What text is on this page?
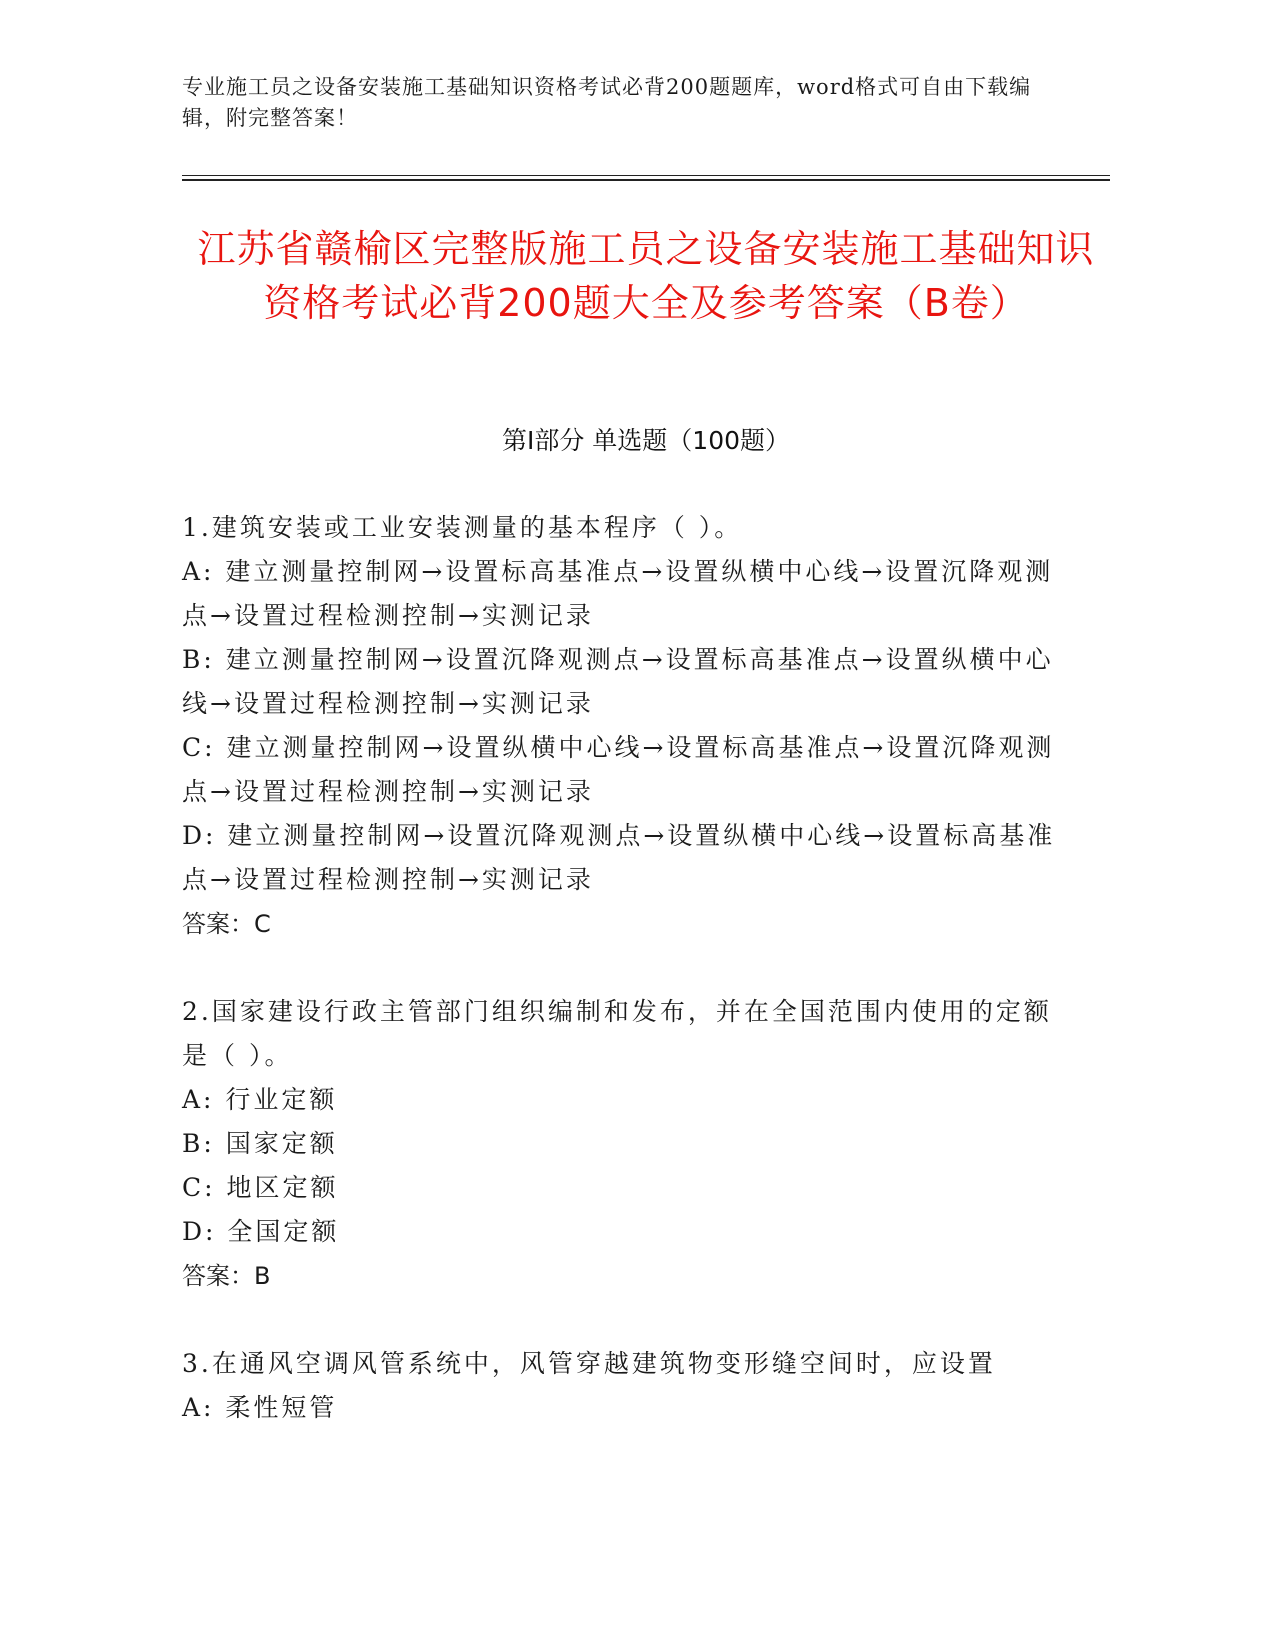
专业施工员之设备安装施工基础知识资格考试必背200题题库，word格式可自由下载编辑，附完整答案！
江苏省赣榆区完整版施工员之设备安装施工基础知识资格考试必背200题大全及参考答案（B卷）
第Ⅰ部分 单选题（100题）
1.建筑安装或工业安装测量的基本程序（ ）。
A: 建立测量控制网→设置标高基准点→设置纵横中心线→设置沉降观测点→设置过程检测控制→实测记录
B: 建立测量控制网→设置沉降观测点→设置标高基准点→设置纵横中心线→设置过程检测控制→实测记录
C: 建立测量控制网→设置纵横中心线→设置标高基准点→设置沉降观测点→设置过程检测控制→实测记录
D: 建立测量控制网→设置沉降观测点→设置纵横中心线→设置标高基准点→设置过程检测控制→实测记录
答案：C
2.国家建设行政主管部门组织编制和发布，并在全国范围内使用的定额是（ ）。
A: 行业定额
B: 国家定额
C: 地区定额
D: 全国定额
答案：B
3.在通风空调风管系统中，风管穿越建筑物变形缝空间时，应设置
A: 柔性短管
